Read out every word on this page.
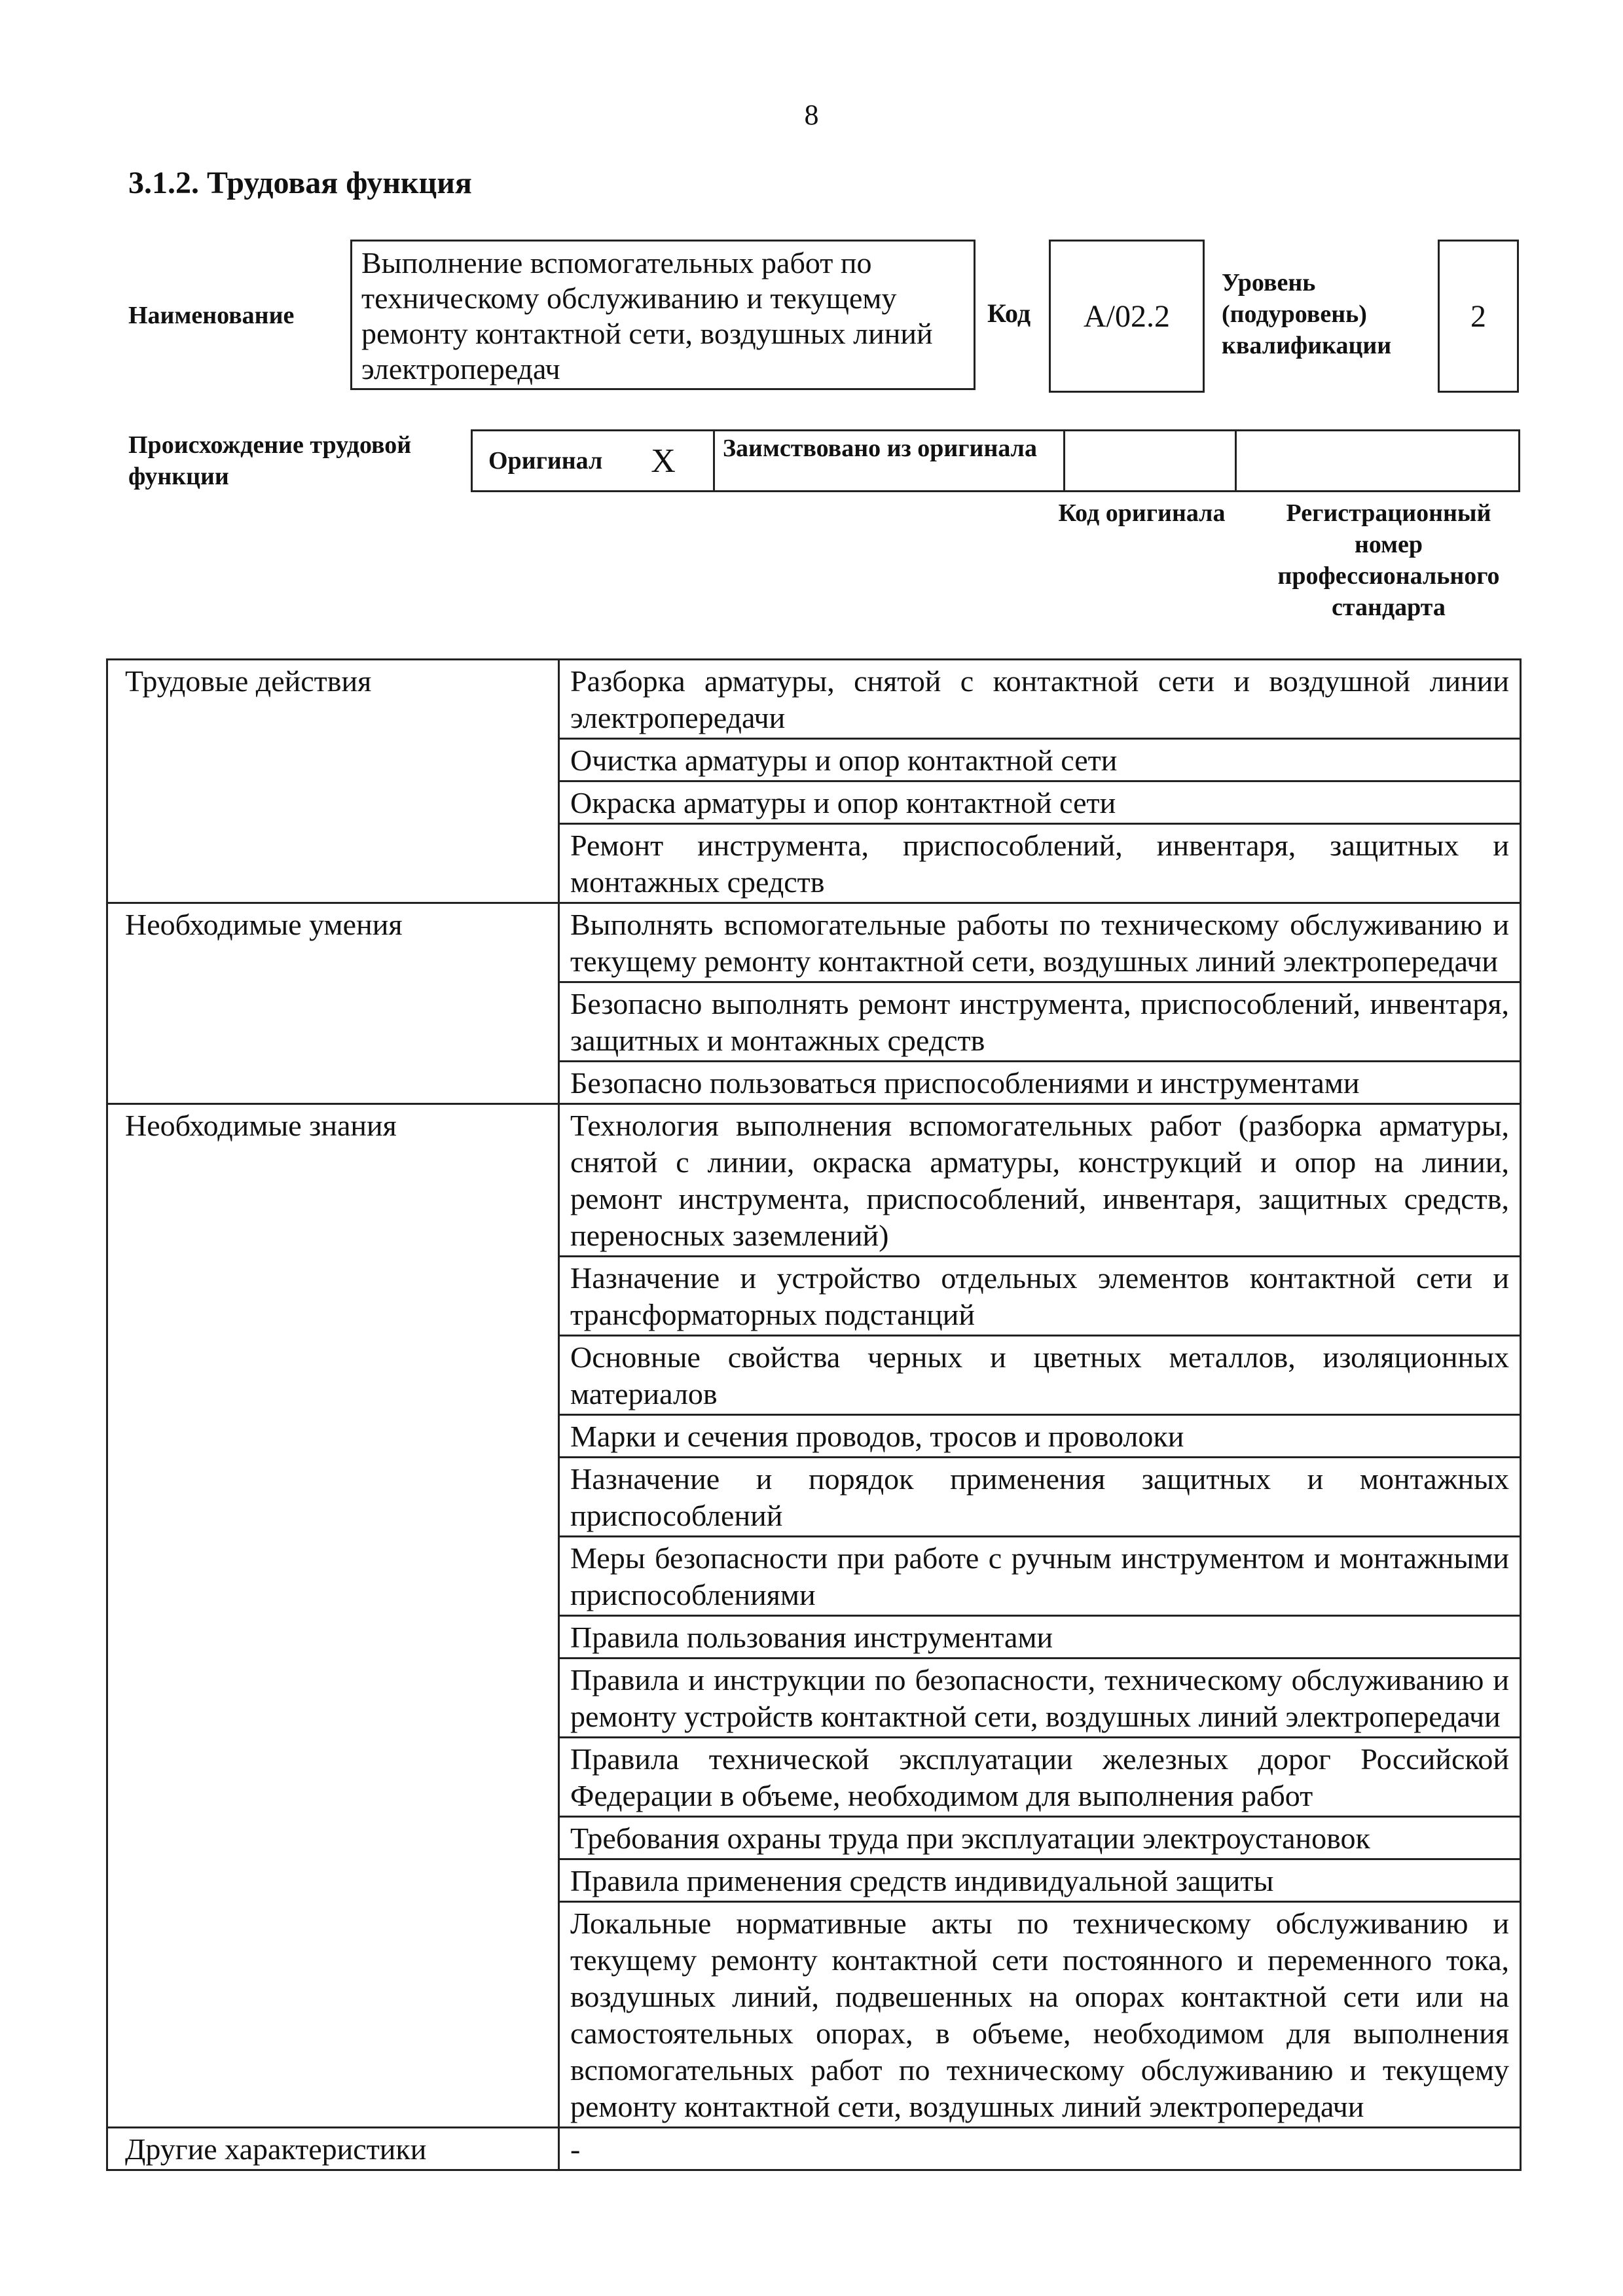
8
3.1.2. Трудовая функция
Наименование
Выполнение вспомогательных работ по техническому обслуживанию и текущему ремонту контактной сети, воздушных линий электропередач
Код А/02.2
Уровень (подуровень) квалификации
2
Происхождение трудовой функции
Оригинал X	Заимствовано из оригинала
Код оригинала	Регистрационный номер профессионального стандарта
Трудовые действия	Разборка арматуры, снятой с контактной сети и воздушной линии электропередачи
	Очистка арматуры и опор контактной сети
	Окраска арматуры и опор контактной сети
	Ремонт инструмента, приспособлений, инвентаря, защитных и монтажных средств
Необходимые умения	Выполнять вспомогательные работы по техническому обслуживанию и текущему ремонту контактной сети, воздушных линий электропередачи
	Безопасно выполнять ремонт инструмента, приспособлений, инвентаря, защитных и монтажных средств
	Безопасно пользоваться приспособлениями и инструментами
Необходимые знания	Технология выполнения вспомогательных работ (разборка арматуры, снятой с линии, окраска арматуры, конструкций и опор на линии, ремонт инструмента, приспособлений, инвентаря, защитных средств, переносных заземлений)
	Назначение и устройство отдельных элементов контактной сети и трансформаторных подстанций
	Основные свойства черных и цветных металлов, изоляционных материалов
	Марки и сечения проводов, тросов и проволоки
	Назначение и порядок применения защитных и монтажных приспособлений
	Меры безопасности при работе с ручным инструментом и монтажными приспособлениями
	Правила пользования инструментами
	Правила и инструкции по безопасности, техническому обслуживанию и ремонту устройств контактной сети, воздушных линий электропередачи
	Правила технической эксплуатации железных дорог Российской Федерации в объеме, необходимом для выполнения работ
	Требования охраны труда при эксплуатации электроустановок
	Правила применения средств индивидуальной защиты
	Локальные нормативные акты по техническому обслуживанию и текущему ремонту контактной сети постоянного и переменного тока, воздушных линий, подвешенных на опорах контактной сети или на самостоятельных опорах, в объеме, необходимом для выполнения вспомогательных работ по техническому обслуживанию и текущему ремонту контактной сети, воздушных линий электропередачи
Другие характеристики	-
